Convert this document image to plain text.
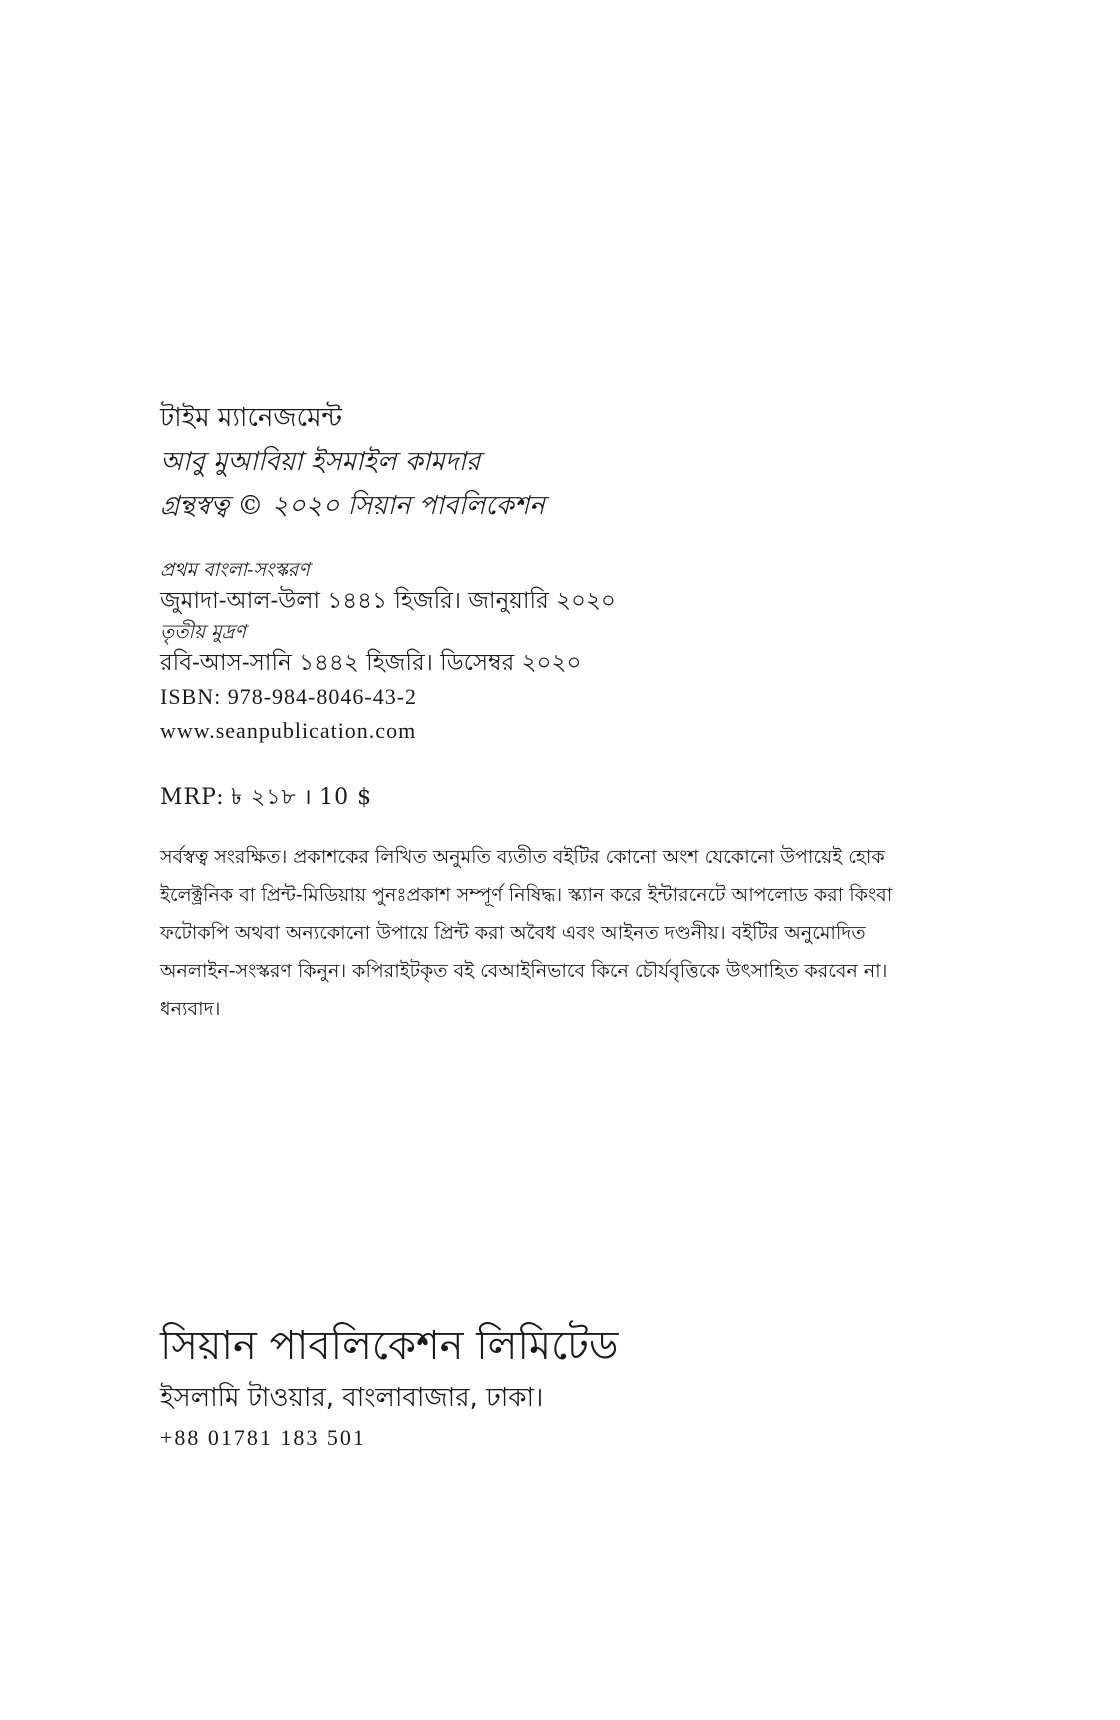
টাইম ম্যানেজমেন্ট
আবু মুআবিয়া ইসমাইল কামদার
গ্রন্থস্বত্ব © ২০২০ সিয়ান পাবলিকেশন
প্রথম বাংলা-সংস্করণ
জুমাদা-আল-উলা ১৪৪১ হিজরি। জানুয়ারি ২০২০
তৃতীয় মুদ্রণ
রবি-আস-সানি ১৪৪২ হিজরি। ডিসেম্বর ২০২০
ISBN: 978-984-8046-43-2
www.seanpublication.com
MRP: ৳ ২১৮ । 10 $
সর্বস্বত্ব সংরক্ষিত। প্রকাশকের লিখিত অনুমতি ব্যতীত বইটির কোনো অংশ যেকোনো উপায়েই হোক ইলেক্ট্রনিক বা প্রিন্ট-মিডিয়ায় পুনঃপ্রকাশ সম্পূর্ণ নিষিদ্ধ। স্ক্যান করে ইন্টারনেটে আপলোড করা কিংবা ফটোকপি অথবা অন্যকোনো উপায়ে প্রিন্ট করা অবৈধ এবং আইনত দণ্ডনীয়। বইটির অনুমোদিত অনলাইন-সংস্করণ কিনুন। কপিরাইটকৃত বই বেআইনিভাবে কিনে চৌর্যবৃত্তিকে উৎসাহিত করবেন না। ধন্যবাদ।
সিয়ান পাবলিকেশন লিমিটেড
ইসলামি টাওয়ার, বাংলাবাজার, ঢাকা।
+88 01781 183 501
